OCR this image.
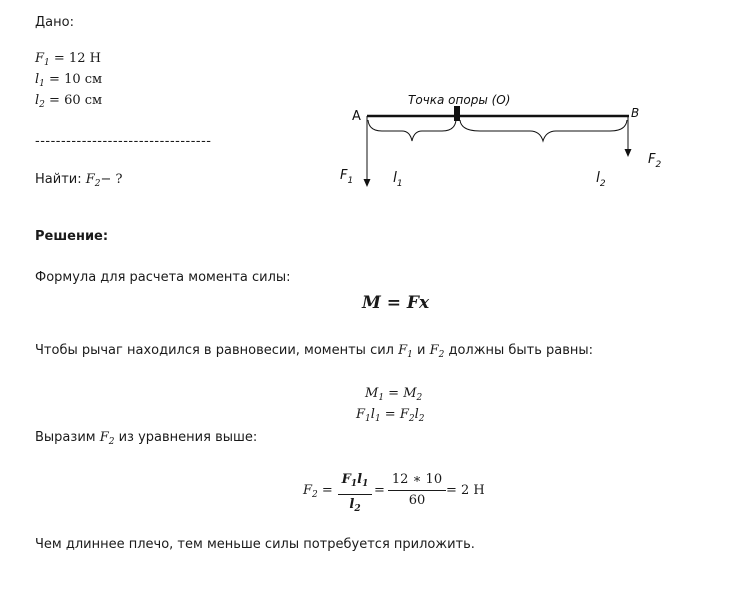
Дано:
$F_1 = 12$ Н
$l_1 = 10$ см
$l_2 = 60$ см
----------------------------------
Найти: $F_2-$ ?
A	B
Точка опоры (O)
$F_1$
$F_2$
$l_1$	$l_2$
Решение:
Формула для расчета момента силы:
M = Fx
Чтобы рычаг находился в равновесии, моменты сил $F_1$ и $F_2$ должны быть равны:
$M_1 = M_2$
$F_1l_1 = F_2l_2$
Выразим $F_2$ из уравнения выше:
$F_2$ =
$F_1l_1$
$l_2$
=
12 ∗ 10
60
= 2 Н
Чем длиннее плечо, тем меньше силы потребуется приложить.
